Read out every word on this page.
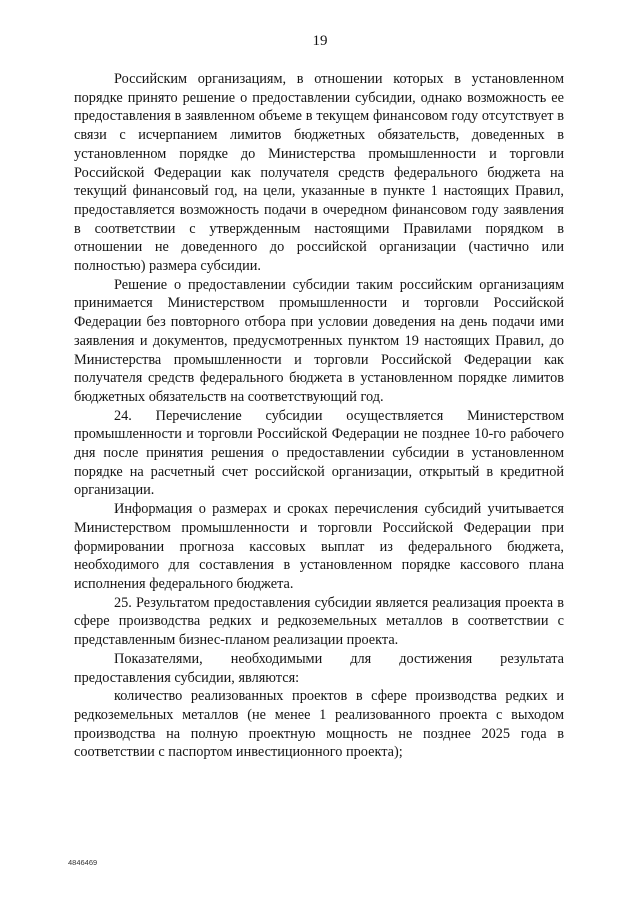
19

Российским организациям, в отношении которых в установленном порядке принято решение о предоставлении субсидии, однако возможность ее предоставления в заявленном объеме в текущем финансовом году отсутствует в связи с исчерпанием лимитов бюджетных обязательств, доведенных в установленном порядке до Министерства промышленности и торговли Российской Федерации как получателя средств федерального бюджета на текущий финансовый год, на цели, указанные в пункте 1 настоящих Правил, предоставляется возможность подачи в очередном финансовом году заявления в соответствии с утвержденным настоящими Правилами порядком в отношении не доведенного до российской организации (частично или полностью) размера субсидии.

Решение о предоставлении субсидии таким российским организациям принимается Министерством промышленности и торговли Российской Федерации без повторного отбора при условии доведения на день подачи ими заявления и документов, предусмотренных пунктом 19 настоящих Правил, до Министерства промышленности и торговли Российской Федерации как получателя средств федерального бюджета в установленном порядке лимитов бюджетных обязательств на соответствующий год.

24. Перечисление субсидии осуществляется Министерством промышленности и торговли Российской Федерации не позднее 10-го рабочего дня после принятия решения о предоставлении субсидии в установленном порядке на расчетный счет российской организации, открытый в кредитной организации.

Информация о размерах и сроках перечисления субсидий учитывается Министерством промышленности и торговли Российской Федерации при формировании прогноза кассовых выплат из федерального бюджета, необходимого для составления в установленном порядке кассового плана исполнения федерального бюджета.

25. Результатом предоставления субсидии является реализация проекта в сфере производства редких и редкоземельных металлов в соответствии с представленным бизнес-планом реализации проекта.

Показателями, необходимыми для достижения результата предоставления субсидии, являются:

количество реализованных проектов в сфере производства редких и редкоземельных металлов (не менее 1 реализованного проекта с выходом производства на полную проектную мощность не позднее 2025 года в соответствии с паспортом инвестиционного проекта);

4846469
